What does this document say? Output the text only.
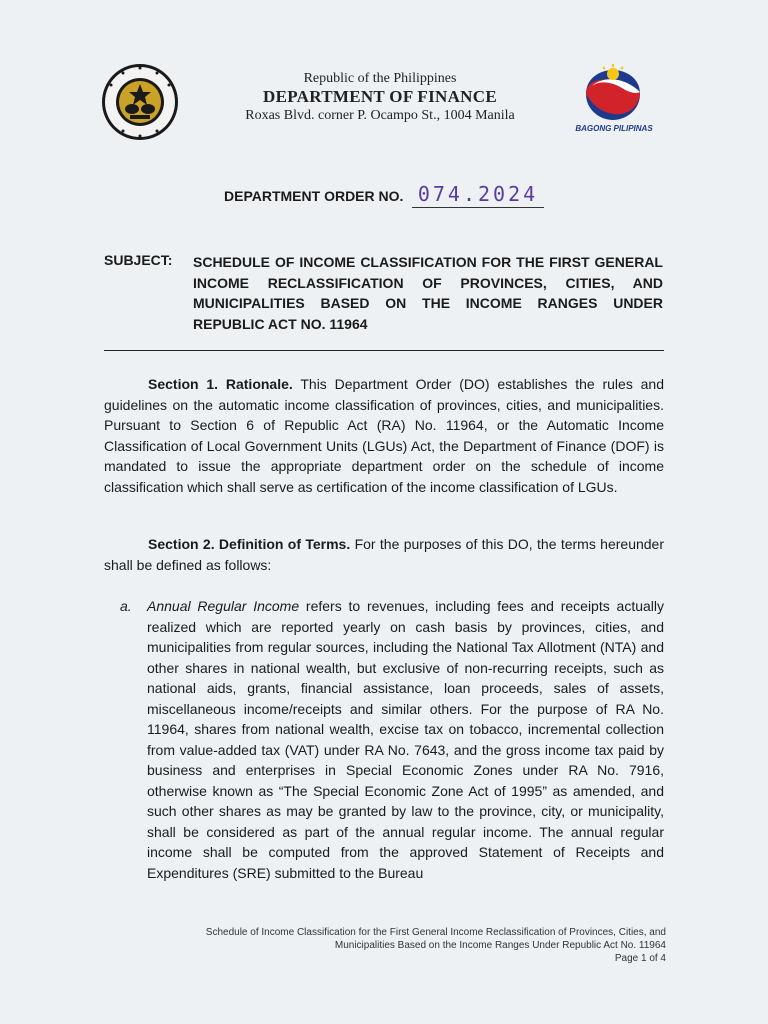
Republic of the Philippines
DEPARTMENT OF FINANCE
Roxas Blvd. corner P. Ocampo St., 1004 Manila
BAGONG PILIPINAS
DEPARTMENT ORDER NO. 074.2024
SUBJECT: SCHEDULE OF INCOME CLASSIFICATION FOR THE FIRST GENERAL INCOME RECLASSIFICATION OF PROVINCES, CITIES, AND MUNICIPALITIES BASED ON THE INCOME RANGES UNDER REPUBLIC ACT NO. 11964
Section 1. Rationale. This Department Order (DO) establishes the rules and guidelines on the automatic income classification of provinces, cities, and municipalities. Pursuant to Section 6 of Republic Act (RA) No. 11964, or the Automatic Income Classification of Local Government Units (LGUs) Act, the Department of Finance (DOF) is mandated to issue the appropriate department order on the schedule of income classification which shall serve as certification of the income classification of LGUs.
Section 2. Definition of Terms. For the purposes of this DO, the terms hereunder shall be defined as follows:
a. Annual Regular Income refers to revenues, including fees and receipts actually realized which are reported yearly on cash basis by provinces, cities, and municipalities from regular sources, including the National Tax Allotment (NTA) and other shares in national wealth, but exclusive of non-recurring receipts, such as national aids, grants, financial assistance, loan proceeds, sales of assets, miscellaneous income/receipts and similar others. For the purpose of RA No. 11964, shares from national wealth, excise tax on tobacco, incremental collection from value-added tax (VAT) under RA No. 7643, and the gross income tax paid by business and enterprises in Special Economic Zones under RA No. 7916, otherwise known as “The Special Economic Zone Act of 1995” as amended, and such other shares as may be granted by law to the province, city, or municipality, shall be considered as part of the annual regular income. The annual regular income shall be computed from the approved Statement of Receipts and Expenditures (SRE) submitted to the Bureau
Schedule of Income Classification for the First General Income Reclassification of Provinces, Cities, and
Municipalities Based on the Income Ranges Under Republic Act No. 11964
Page 1 of 4
